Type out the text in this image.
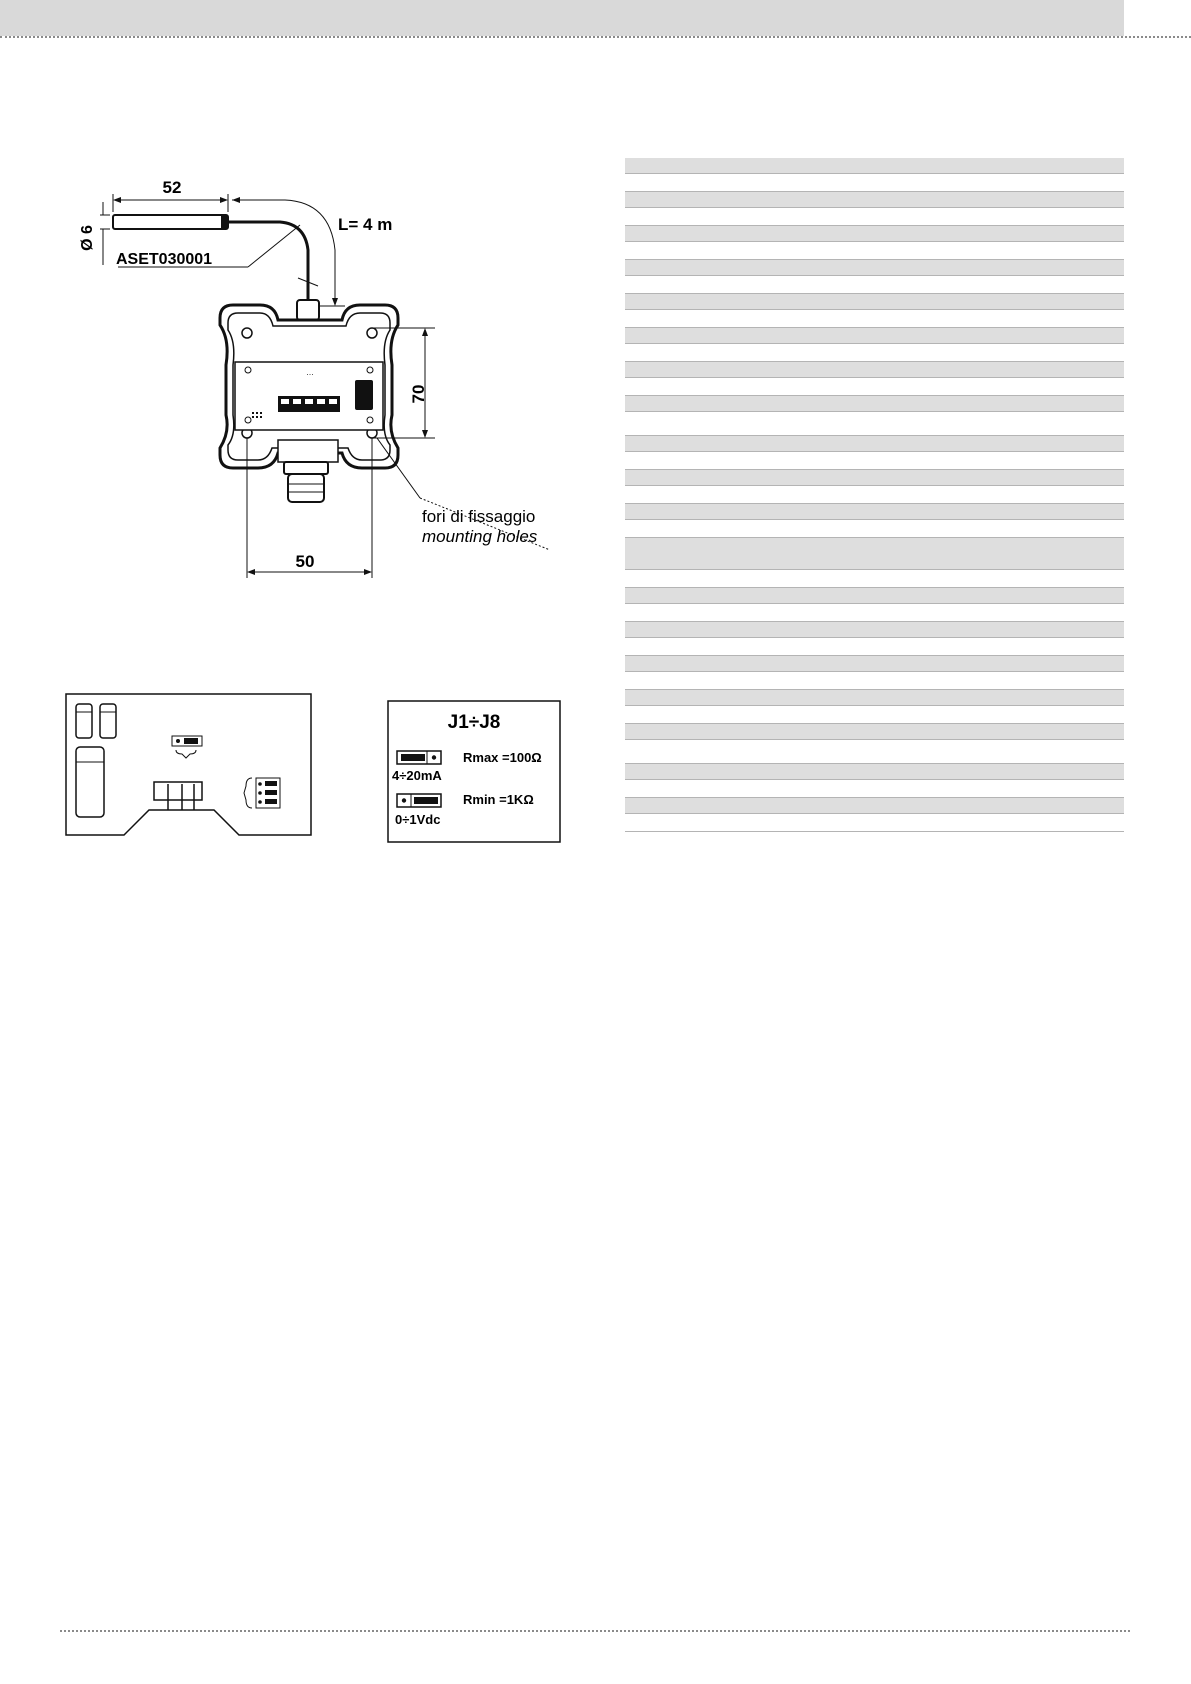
52
Ø 6
L= 4 m
ASET030001
…
70
50
fori di fissaggio
mounting holes
J1÷J8
4÷20mA
Rmax =100Ω
0÷1Vdc
Rmin =1KΩ
